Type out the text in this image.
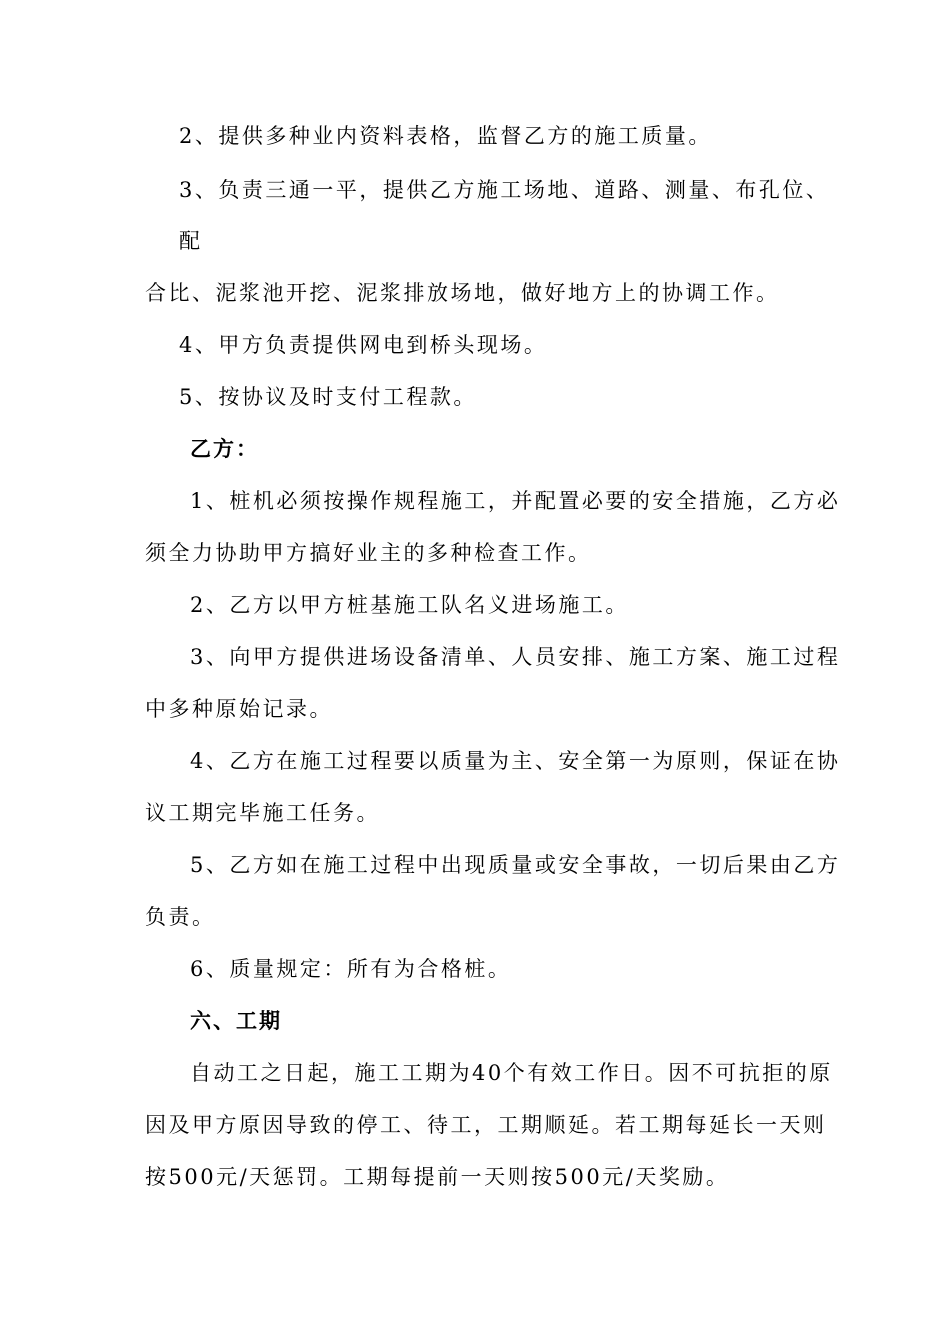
2、提供多种业内资料表格，监督乙方的施工质量。
3、负责三通一平，提供乙方施工场地、道路、测量、布孔位、
配
合比、泥浆池开挖、泥浆排放场地，做好地方上的协调工作。
4、甲方负责提供网电到桥头现场。
5、按协议及时支付工程款。
乙方：
1、桩机必须按操作规程施工，并配置必要的安全措施，乙方必
须全力协助甲方搞好业主的多种检查工作。
2、乙方以甲方桩基施工队名义进场施工。
3、向甲方提供进场设备清单、人员安排、施工方案、施工过程
中多种原始记录。
4、乙方在施工过程要以质量为主、安全第一为原则，保证在协
议工期完毕施工任务。
5、乙方如在施工过程中出现质量或安全事故，一切后果由乙方
负责。
6、质量规定：所有为合格桩。
六、工期
自动工之日起，施工工期为40个有效工作日。因不可抗拒的原
因及甲方原因导致的停工、待工，工期顺延。若工期每延长一天则
按500元/天惩罚。工期每提前一天则按500元/天奖励。
